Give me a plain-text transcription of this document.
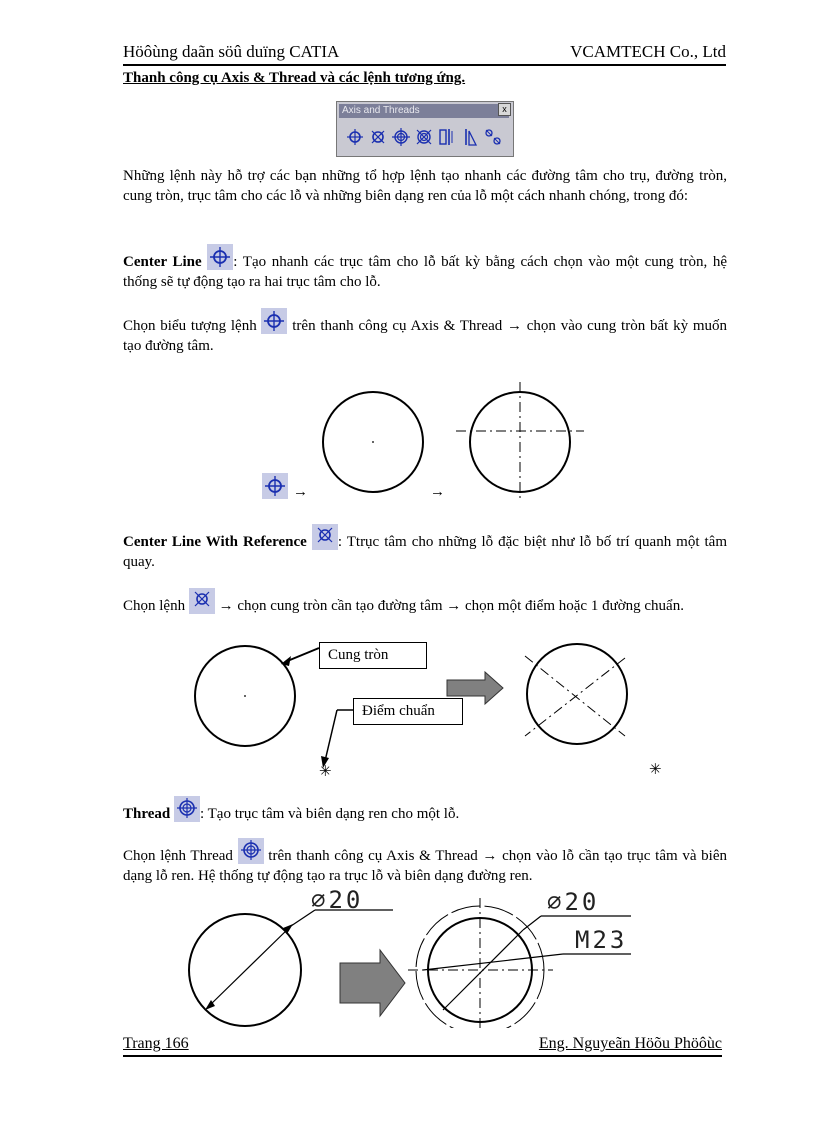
Höôùng daãn söû duïng CATIA	VCAMTECH Co., Ltd
Thanh công cụ Axis & Thread và các lệnh tương ứng.
Axis and Threads	x

Những lệnh này hỗ trợ các bạn những tổ hợp lệnh tạo nhanh các đường tâm cho trụ, đường tròn, cung tròn, trục tâm cho các lỗ và những biên dạng ren của lỗ một cách nhanh chóng, trong đó:

Center Line : Tạo nhanh các trục tâm cho lỗ bất kỳ bằng cách chọn vào một cung tròn, hệ thống sẽ tự động tạo ra hai trục tâm cho lỗ.

Chọn biểu tượng lệnh trên thanh công cụ Axis & Thread → chọn vào cung tròn bất kỳ muốn tạo đường tâm.

→	→

Center Line With Reference : Ttrục tâm cho những lỗ đặc biệt như lỗ bố trí quanh một tâm quay.

Chọn lệnh → chọn cung tròn cần tạo đường tâm → chọn một điểm hoặc 1 đường chuẩn.

Cung tròn
Điểm chuẩn
✳	✳

Thread : Tạo trục tâm và biên dạng ren cho một lỗ.

Chọn lệnh Thread trên thanh công cụ Axis & Thread → chọn vào lỗ cần tạo trục tâm và biên dạng lỗ ren. Hệ thống tự động tạo ra trục lỗ và biên dạng đường ren.

∅20	∅20
M23
Trang 166	Eng. Nguyeãn Höõu Phöôùc
